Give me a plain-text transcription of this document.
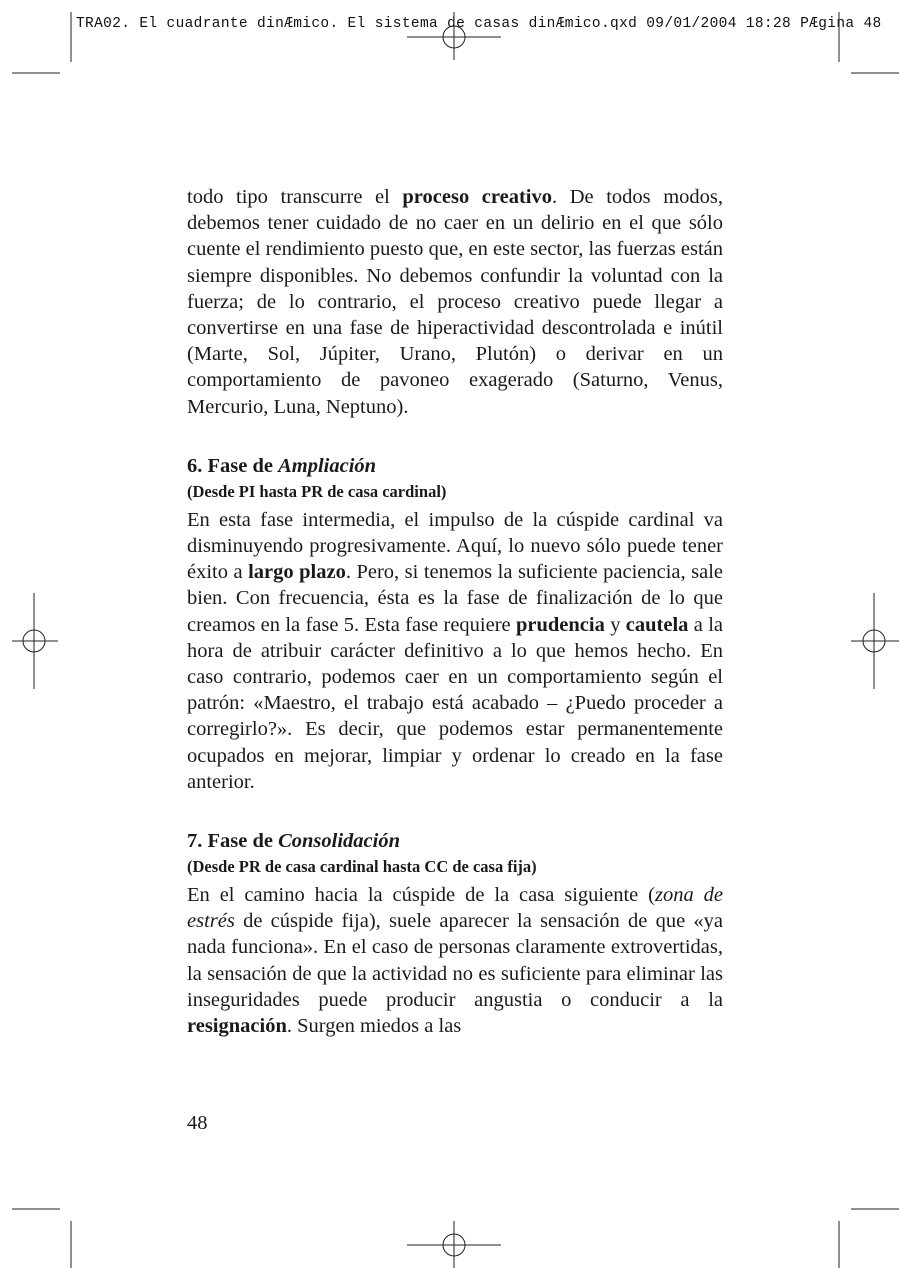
TRA02. El cuadrante dinÆmico. El sistema de casas dinÆmico.qxd 09/01/2004 18:28 PÆgina 48

todo tipo transcurre el proceso creativo. De todos modos, debemos tener cuidado de no caer en un delirio en el que sólo cuente el rendimiento puesto que, en este sector, las fuerzas están siempre disponibles. No debemos confundir la voluntad con la fuerza; de lo contrario, el proceso creativo puede llegar a convertirse en una fase de hiperactividad descontrolada e inútil (Marte, Sol, Júpiter, Urano, Plutón) o derivar en un comportamiento de pavoneo exagerado (Saturno, Venus, Mercurio, Luna, Neptuno).

6. Fase de Ampliación
(Desde PI hasta PR de casa cardinal)

En esta fase intermedia, el impulso de la cúspide cardinal va disminuyendo progresivamente. Aquí, lo nuevo sólo puede tener éxito a largo plazo. Pero, si tenemos la suficiente paciencia, sale bien. Con frecuencia, ésta es la fase de finalización de lo que creamos en la fase 5. Esta fase requiere prudencia y cautela a la hora de atribuir carácter definitivo a lo que hemos hecho. En caso contrario, podemos caer en un comportamiento según el patrón: «Maestro, el trabajo está acabado – ¿Puedo proceder a corregirlo?». Es decir, que podemos estar permanentemente ocupados en mejorar, limpiar y ordenar lo creado en la fase anterior.

7. Fase de Consolidación
(Desde PR de casa cardinal hasta CC de casa fija)

En el camino hacia la cúspide de la casa siguiente (zona de estrés de cúspide fija), suele aparecer la sensación de que «ya nada funciona». En el caso de personas claramente extrovertidas, la sensación de que la actividad no es suficiente para eliminar las inseguridades puede producir angustia o conducir a la resignación. Surgen miedos a las

48
